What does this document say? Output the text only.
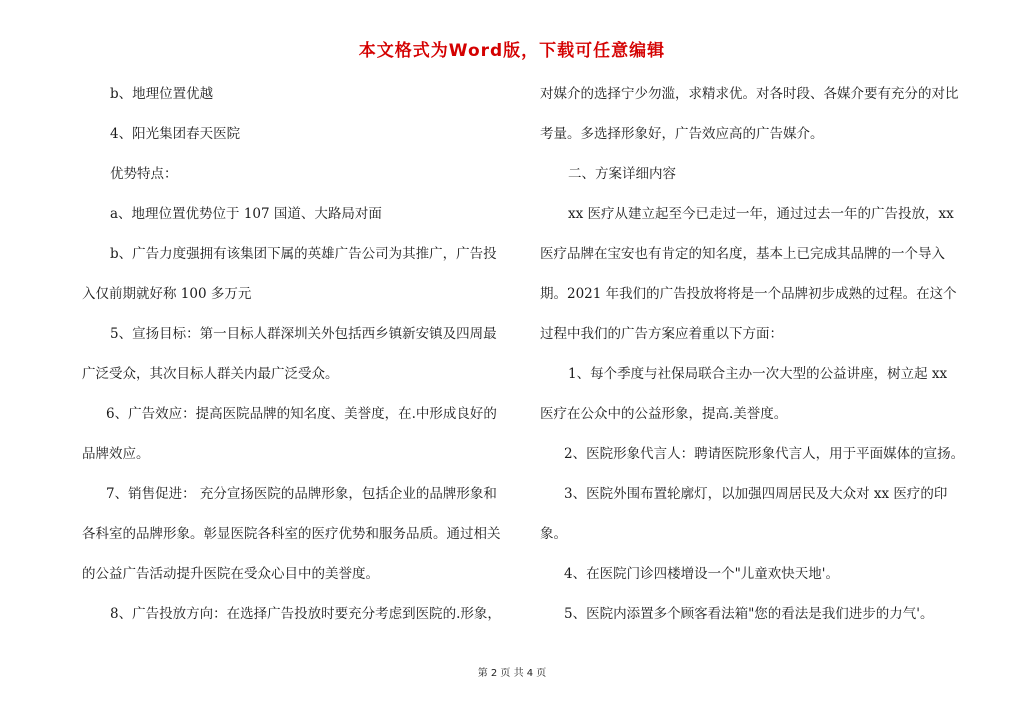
本文格式为Word版，下载可任意编辑
b、地理位置优越
4、阳光集团春天医院
优势特点：
a、地理位置优势位于 107 国道、大路局对面
b、广告力度强拥有该集团下属的英雄广告公司为其推广，广告投
入仅前期就好称 100 多万元
5、宣扬目标：第一目标人群深圳关外包括西乡镇新安镇及四周最
广泛受众，其次目标人群关内最广泛受众。
6、广告效应：提高医院品牌的知名度、美誉度，在.中形成良好的
品牌效应。
7、销售促进： 充分宣扬医院的品牌形象，包括企业的品牌形象和
各科室的品牌形象。彰显医院各科室的医疗优势和服务品质。通过相关
的公益广告活动提升医院在受众心目中的美誉度。
8、广告投放方向：在选择广告投放时要充分考虑到医院的.形象，
对媒介的选择宁少勿滥，求精求优。对各时段、各媒介要有充分的对比
考量。多选择形象好，广告效应高的广告媒介。
二、方案详细内容
xx 医疗从建立起至今已走过一年，通过过去一年的广告投放，xx
医疗品牌在宝安也有肯定的知名度，基本上已完成其品牌的一个导入
期。2021 年我们的广告投放将将是一个品牌初步成熟的过程。在这个
过程中我们的广告方案应着重以下方面：
1、每个季度与社保局联合主办一次大型的公益讲座，树立起 xx
医疗在公众中的公益形象，提高.美誉度。
2、医院形象代言人：聘请医院形象代言人，用于平面媒体的宣扬。
3、医院外围布置轮廓灯，以加强四周居民及大众对 xx 医疗的印
象。
4、在医院门诊四楼增设一个"儿童欢快天地'。
5、医院内添置多个顾客看法箱"您的看法是我们进步的力气'。
第 2 页 共 4 页
